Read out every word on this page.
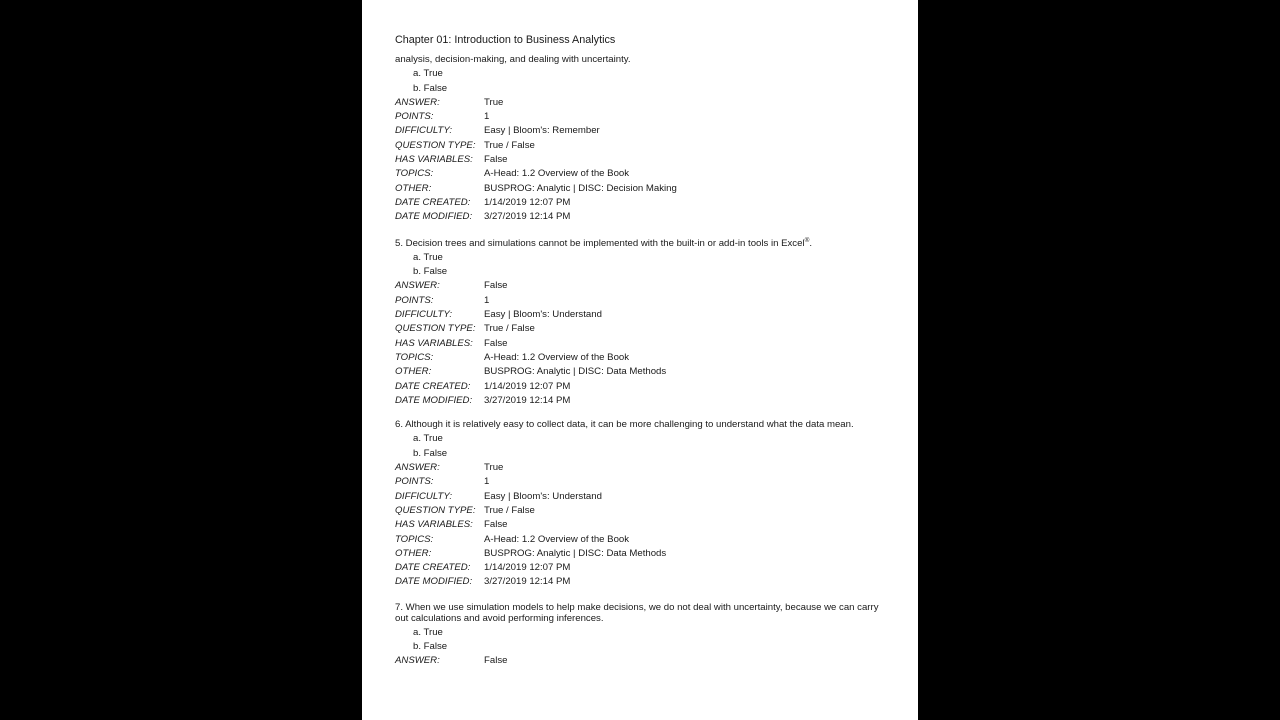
Chapter 01: Introduction to Business Analytics
analysis, decision-making, and dealing with uncertainty.
a. True
b. False
ANSWER:	True
POINTS:	1
DIFFICULTY:	Easy | Bloom's: Remember
QUESTION TYPE: True / False
HAS VARIABLES:	False
TOPICS:	A-Head: 1.2 Overview of the Book
OTHER:	BUSPROG: Analytic | DISC: Decision Making
DATE CREATED:	1/14/2019 12:07 PM
DATE MODIFIED:	3/27/2019 12:14 PM
5. Decision trees and simulations cannot be implemented with the built-in or add-in tools in Excel®.
a. True
b. False
ANSWER:	False
POINTS:	1
DIFFICULTY:	Easy | Bloom's: Understand
QUESTION TYPE: True / False
HAS VARIABLES:	False
TOPICS:	A-Head: 1.2 Overview of the Book
OTHER:	BUSPROG: Analytic | DISC: Data Methods
DATE CREATED:	1/14/2019 12:07 PM
DATE MODIFIED:	3/27/2019 12:14 PM
6. Although it is relatively easy to collect data, it can be more challenging to understand what the data mean.
a. True
b. False
ANSWER:	True
POINTS:	1
DIFFICULTY:	Easy | Bloom's: Understand
QUESTION TYPE: True / False
HAS VARIABLES:	False
TOPICS:	A-Head: 1.2 Overview of the Book
OTHER:	BUSPROG: Analytic | DISC: Data Methods
DATE CREATED:	1/14/2019 12:07 PM
DATE MODIFIED:	3/27/2019 12:14 PM
7. When we use simulation models to help make decisions, we do not deal with uncertainty, because we can carry out calculations and avoid performing inferences.
a. True
b. False
ANSWER:	False
